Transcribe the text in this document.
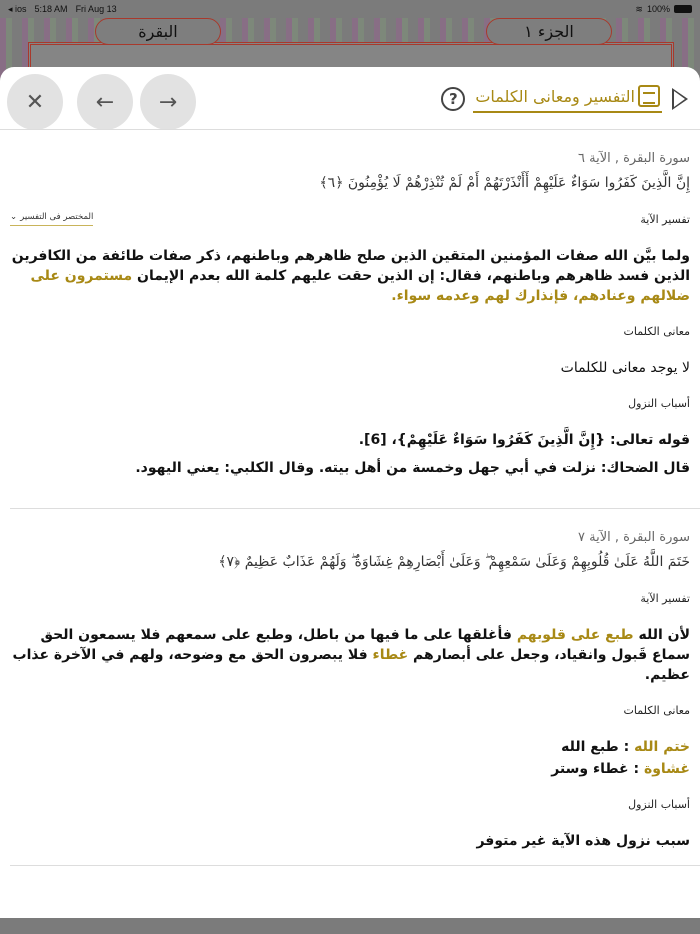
◂ ios 5:18 AM Fri Aug 13	≋ 100%
البقرة	الجزء ١
✕ ← →	التفسير ومعانى الكلمات
?
سورة البقرة , الآية ٦
إِنَّ الَّذِينَ كَفَرُوا سَوَاءٌ عَلَيْهِمْ أَأَنْذَرْتَهُمْ أَمْ لَمْ تُنْذِرْهُمْ لَا يُؤْمِنُونَ ﴿٦﴾
تفسير الآية
المختصر فى التفسير
⌄
ولما بيَّن الله صفات المؤمنين المتقين الذين صلح ظاهرهم وباطنهم، ذكر صفات طائفة من الكافرين الذين فسد ظاهرهم وباطنهم، فقال: إن الذين حقت عليهم كلمة الله بعدم الإيمان مستمرون على ضلالهم وعنادهم، فإنذارك لهم وعدمه سواء.
معانى الكلمات
لا يوجد معانى للكلمات
أسباب النزول
قوله تعالى: {إِنَّ الَّذِينَ كَفَرُوا سَوَاءٌ عَلَيْهِمْ}، [6].
قال الضحاك: نزلت في أبي جهل وخمسة من أهل بيته. وقال الكلبي: يعني اليهود.
سورة البقرة , الآية ٧
خَتَمَ اللَّهُ عَلَىٰ قُلُوبِهِمْ وَعَلَىٰ سَمْعِهِمْ ۖ وَعَلَىٰ أَبْصَارِهِمْ غِشَاوَةٌ ۖ وَلَهُمْ عَذَابٌ عَظِيمٌ ﴿٧﴾
تفسير الآية
لأن الله طبع على قلوبهم فأغلقها على ما فيها من باطل، وطبع على سمعهم فلا يسمعون الحق سماع قَبول وانقياد، وجعل على أبصارهم غطاء فلا يبصرون الحق مع وضوحه، ولهم في الآخرة عذاب عظيم.
معانى الكلمات
ختم الله : طبع الله
غشاوة : غطاء وستر
أسباب النزول
سبب نزول هذه الآية غير متوفر
